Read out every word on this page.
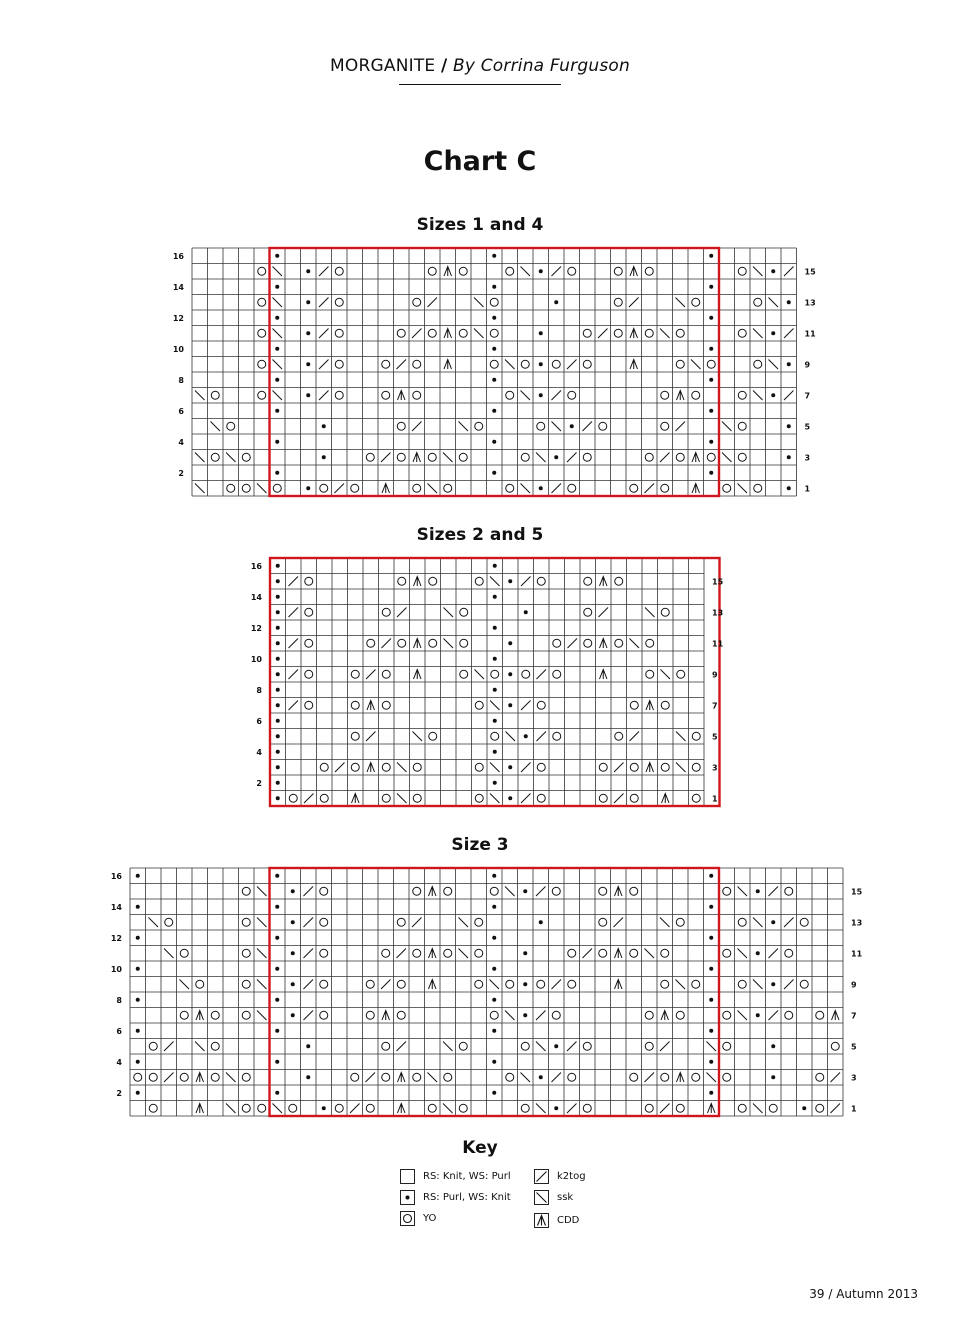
MORGANITE / By Corrina Furguson
Chart C
Sizes 1 and 4
16
14
12
10
8
6
4
2
15
13
11
9
7
5
3
1
Sizes 2 and 5
16
14
12
10
8
6
4
2
15
13
11
9
7
5
3
1
Size 3
16
14
12
10
8
6
4
2
15
13
11
9
7
5
3
1
Key
RS: Knit, WS: Purl
RS: Purl, WS: Knit
YO
k2tog
ssk
CDD
39 / Autumn 2013
